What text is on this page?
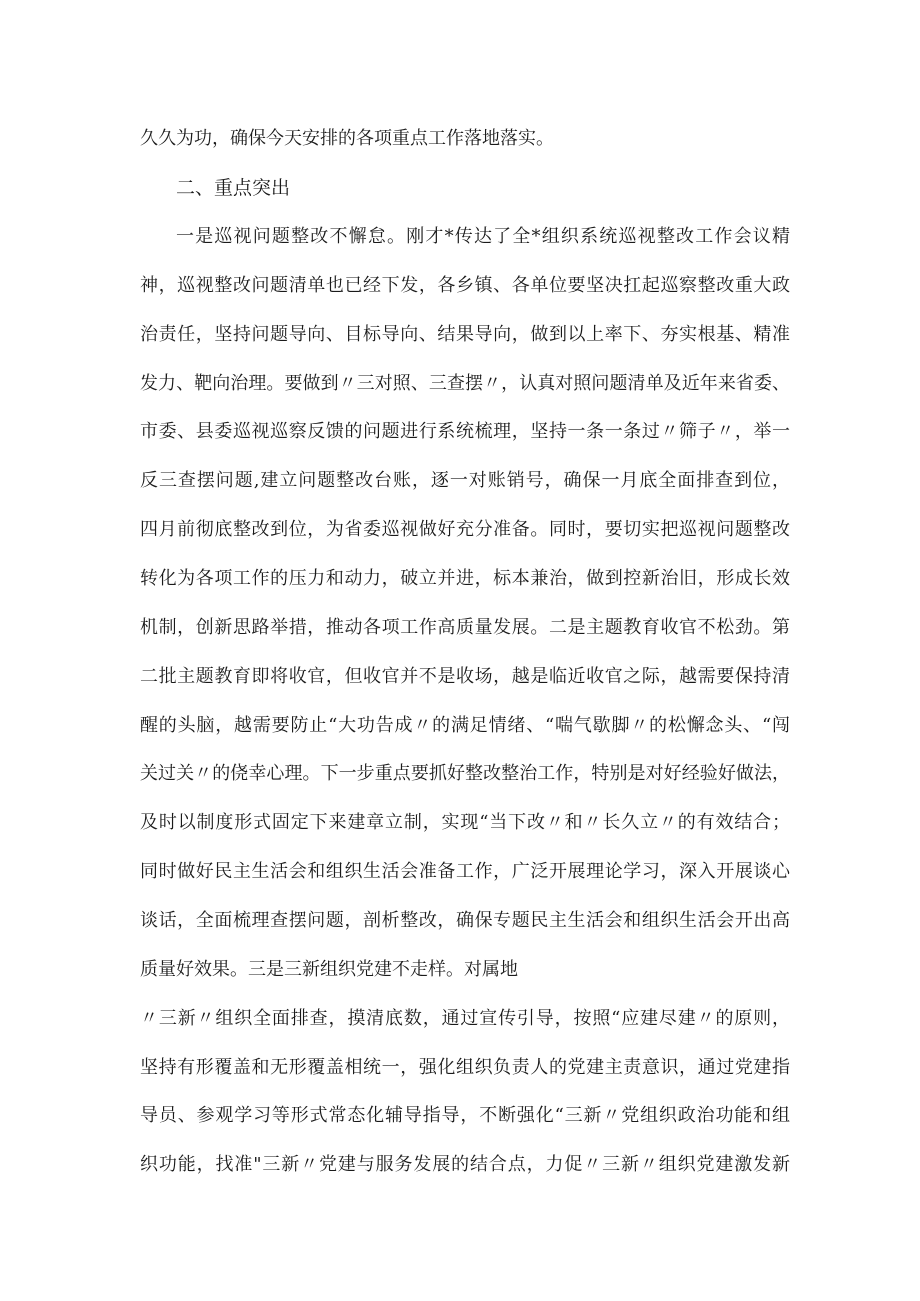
久久为功，确保今天安排的各项重点工作落地落实。
二、重点突出
一是巡视问题整改不懈怠。刚才*传达了全*组织系统巡视整改工作会议精
神，巡视整改问题清单也已经下发，各乡镇、各单位要坚决扛起巡察整改重大政
治责任，坚持问题导向、目标导向、结果导向，做到以上率下、夯实根基、精准
发力、靶向治理。要做到〃三对照、三查摆〃，认真对照问题清单及近年来省委、
市委、县委巡视巡察反馈的问题进行系统梳理，坚持一条一条过〃筛子〃，举一
反三查摆问题,建立问题整改台账，逐一对账销号，确保一月底全面排查到位，
四月前彻底整改到位，为省委巡视做好充分准备。同时，要切实把巡视问题整改
转化为各项工作的压力和动力，破立并进，标本兼治，做到控新治旧，形成长效
机制，创新思路举措，推动各项工作高质量发展。二是主题教育收官不松劲。第
二批主题教育即将收官，但收官并不是收场，越是临近收官之际，越需要保持清
醒的头脑，越需要防止“大功告成〃的满足情绪、“喘气歇脚〃的松懈念头、“闯
关过关〃的侥幸心理。下一步重点要抓好整改整治工作，特别是对好经验好做法，
及时以制度形式固定下来建章立制，实现“当下改〃和〃长久立〃的有效结合；
同时做好民主生活会和组织生活会准备工作，广泛开展理论学习，深入开展谈心
谈话，全面梳理查摆问题，剖析整改，确保专题民主生活会和组织生活会开出高
质量好效果。三是三新组织党建不走样。对属地
〃三新〃组织全面排查，摸清底数，通过宣传引导，按照“应建尽建〃的原则，
坚持有形覆盖和无形覆盖相统一，强化组织负责人的党建主责意识，通过党建指
导员、参观学习等形式常态化辅导指导，不断强化“三新〃党组织政治功能和组
织功能，找准"三新〃党建与服务发展的结合点，力促〃三新〃组织党建激发新
